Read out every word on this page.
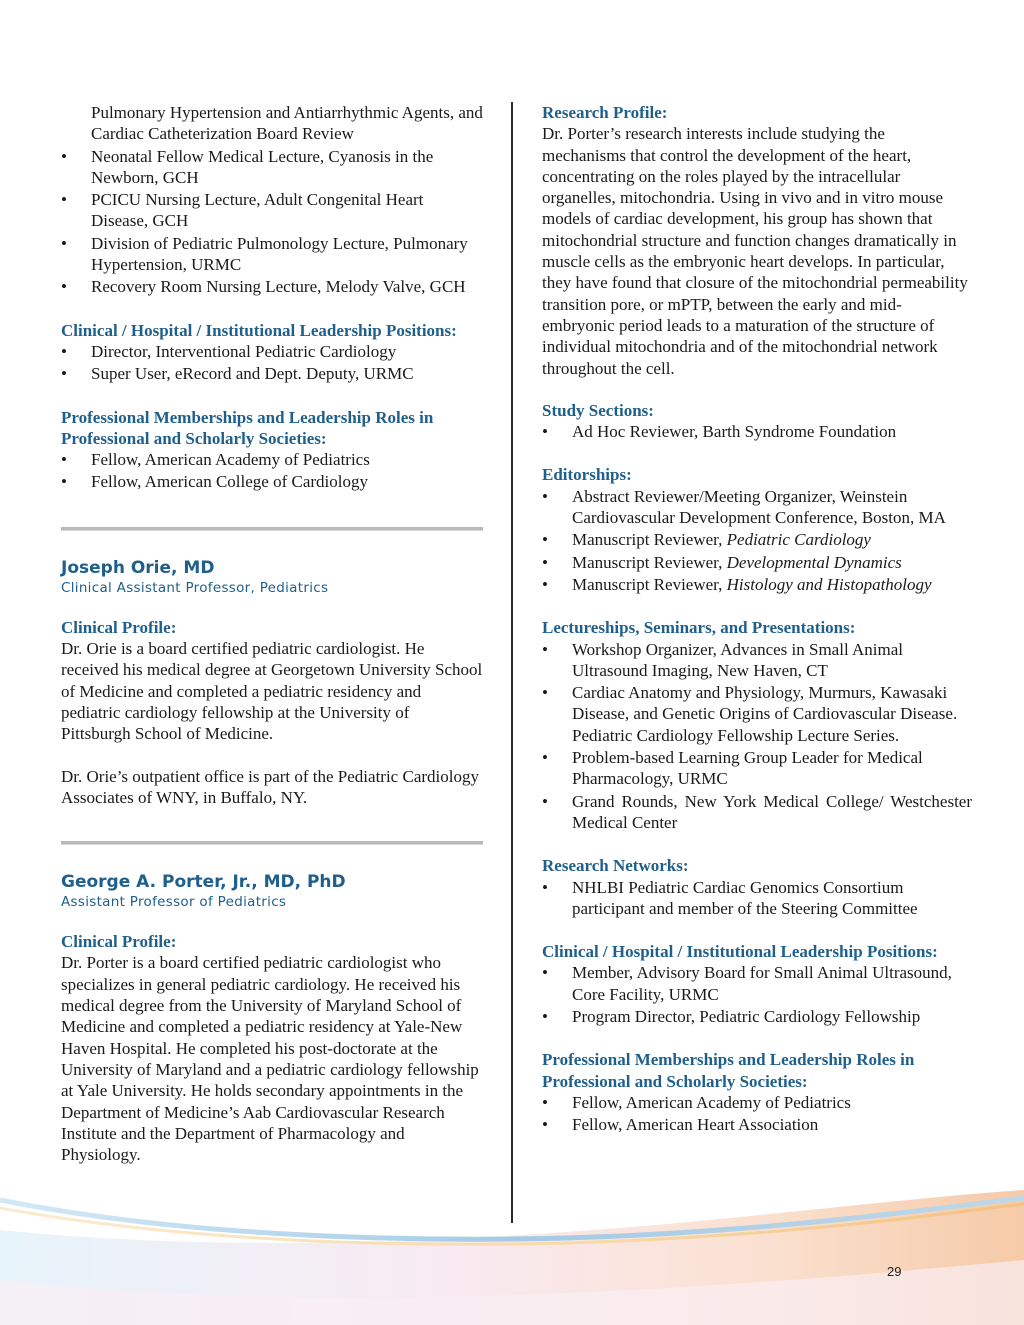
Pulmonary Hypertension and Antiarrhythmic Agents, and Cardiac Catheterization Board Review
• Neonatal Fellow Medical Lecture, Cyanosis in the Newborn, GCH
• PCICU Nursing Lecture, Adult Congenital Heart Disease, GCH
• Division of Pediatric Pulmonology Lecture, Pulmonary Hypertension, URMC
• Recovery Room Nursing Lecture, Melody Valve, GCH

Clinical / Hospital / Institutional Leadership Positions:

• Director, Interventional Pediatric Cardiology
• Super User, eRecord and Dept. Deputy, URMC

Professional Memberships and Leadership Roles in Professional and Scholarly Societies:

• Fellow, American Academy of Pediatrics
• Fellow, American College of Cardiology

Joseph Orie, MD

Clinical Assistant Professor, Pediatrics

Clinical Profile:

Dr. Orie is a board certified pediatric cardiologist. He received his medical degree at Georgetown University School of Medicine and completed a pediatric residency and pediatric cardiology fellowship at the University of Pittsburgh School of Medicine.

Dr. Orie’s outpatient office is part of the Pediatric Cardiology Associates of WNY, in Buffalo, NY.

George A. Porter, Jr., MD, PhD

Assistant Professor of Pediatrics

Clinical Profile:

Dr. Porter is a board certified pediatric cardiologist who specializes in general pediatric cardiology. He received his medical degree from the University of Maryland School of Medicine and completed a pediatric residency at Yale-New Haven Hospital. He completed his post-doctorate at the University of Maryland and a pediatric cardiology fellowship at Yale University. He holds secondary appointments in the Department of Medicine’s Aab Cardiovascular Research Institute and the Department of Pharmacology and Physiology.

Research Profile:

Dr. Porter’s research interests include studying the mechanisms that control the development of the heart, concentrating on the roles played by the intracellular organelles, mitochondria. Using in vivo and in vitro mouse models of cardiac development, his group has shown that mitochondrial structure and function changes dramatically in muscle cells as the embryonic heart develops. In particular, they have found that closure of the mitochondrial permeability transition pore, or mPTP, between the early and mid-embryonic period leads to a maturation of the structure of individual mitochondria and of the mitochondrial network throughout the cell.

Study Sections:

• Ad Hoc Reviewer, Barth Syndrome Foundation

Editorships:

• Abstract Reviewer/Meeting Organizer, Weinstein Cardiovascular Development Conference, Boston, MA
• Manuscript Reviewer, Pediatric Cardiology
• Manuscript Reviewer, Developmental Dynamics
• Manuscript Reviewer, Histology and Histopathology

Lectureships, Seminars, and Presentations:

• Workshop Organizer, Advances in Small Animal Ultrasound Imaging, New Haven, CT
• Cardiac Anatomy and Physiology, Murmurs, Kawasaki Disease, and Genetic Origins of Cardiovascular Disease. Pediatric Cardiology Fellowship Lecture Series.
• Problem-based Learning Group Leader for Medical Pharmacology, URMC
• Grand Rounds, New York Medical College/ Westchester Medical Center

Research Networks:

• NHLBI Pediatric Cardiac Genomics Consortium participant and member of the Steering Committee

Clinical / Hospital / Institutional Leadership Positions:

• Member, Advisory Board for Small Animal Ultrasound, Core Facility, URMC
• Program Director, Pediatric Cardiology Fellowship

Professional Memberships and Leadership Roles in Professional and Scholarly Societies:

• Fellow, American Academy of Pediatrics
• Fellow, American Heart Association
29
